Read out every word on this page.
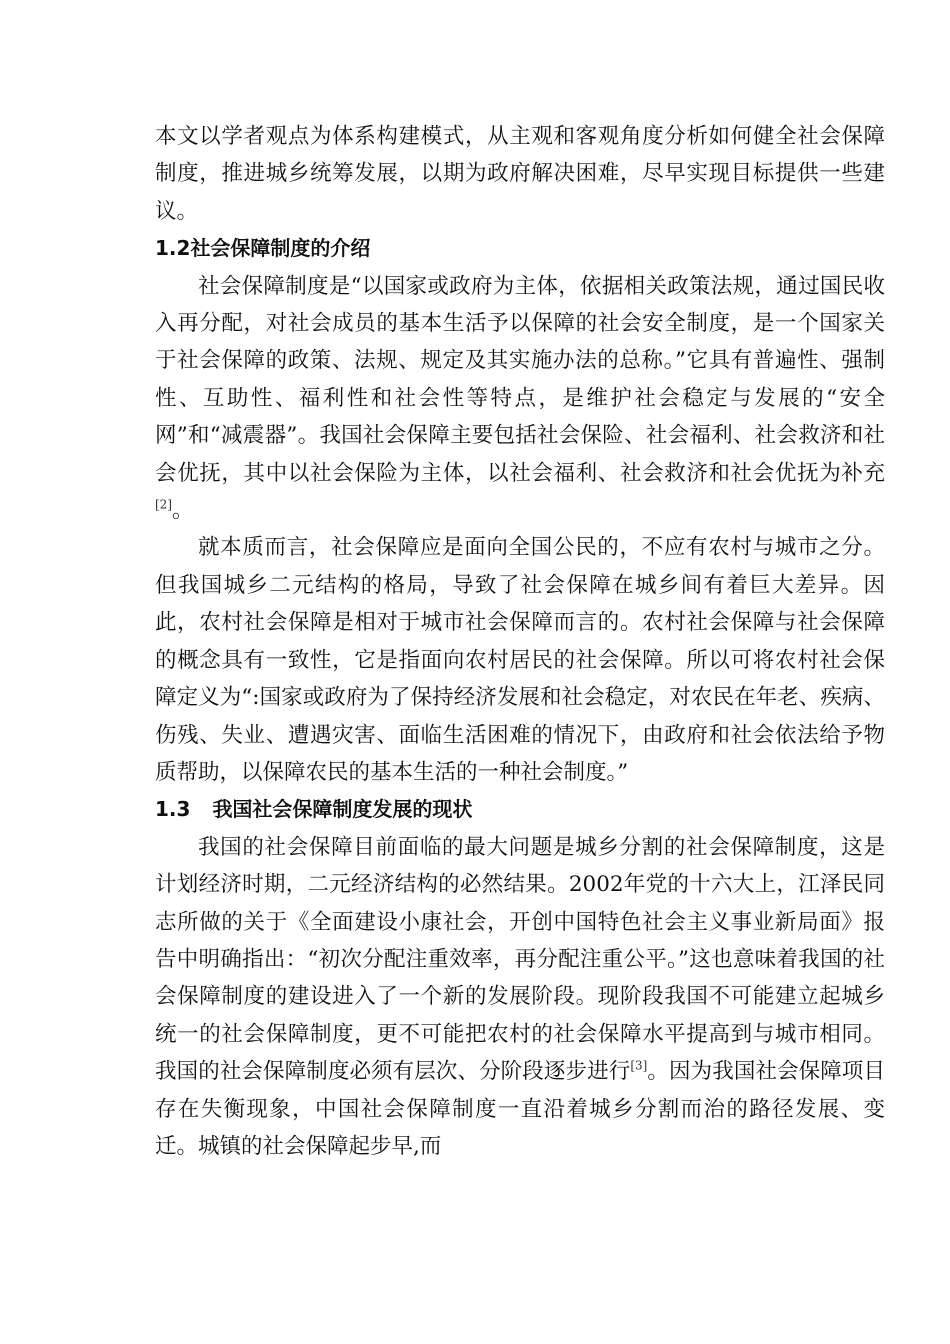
本文以学者观点为体系构建模式，从主观和客观角度分析如何健全社会保障制度，推进城乡统筹发展，以期为政府解决困难，尽早实现目标提供一些建议。

1.2社会保障制度的介绍

社会保障制度是“以国家或政府为主体，依据相关政策法规，通过国民收入再分配，对社会成员的基本生活予以保障的社会安全制度，是一个国家关于社会保障的政策、法规、规定及其实施办法的总称。”它具有普遍性、强制性、互助性、福利性和社会性等特点，是维护社会稳定与发展的“安全网”和“减震器”。我国社会保障主要包括社会保险、社会福利、社会救济和社会优抚，其中以社会保险为主体，以社会福利、社会救济和社会优抚为补充[2]。

就本质而言，社会保障应是面向全国公民的，不应有农村与城市之分。但我国城乡二元结构的格局，导致了社会保障在城乡间有着巨大差异。因此，农村社会保障是相对于城市社会保障而言的。农村社会保障与社会保障的概念具有一致性，它是指面向农村居民的社会保障。所以可将农村社会保障定义为“:国家或政府为了保持经济发展和社会稳定，对农民在年老、疾病、伤残、失业、遭遇灾害、面临生活困难的情况下，由政府和社会依法给予物质帮助，以保障农民的基本生活的一种社会制度。”

1.3 我国社会保障制度发展的现状

我国的社会保障目前面临的最大问题是城乡分割的社会保障制度，这是计划经济时期，二元经济结构的必然结果。2002年党的十六大上，江泽民同志所做的关于《全面建设小康社会，开创中国特色社会主义事业新局面》报告中明确指出：“初次分配注重效率，再分配注重公平。”这也意味着我国的社会保障制度的建设进入了一个新的发展阶段。现阶段我国不可能建立起城乡统一的社会保障制度，更不可能把农村的社会保障水平提高到与城市相同。我国的社会保障制度必须有层次、分阶段逐步进行[3]。因为我国社会保障项目存在失衡现象，中国社会保障制度一直沿着城乡分割而治的路径发展、变迁。城镇的社会保障起步早,而
